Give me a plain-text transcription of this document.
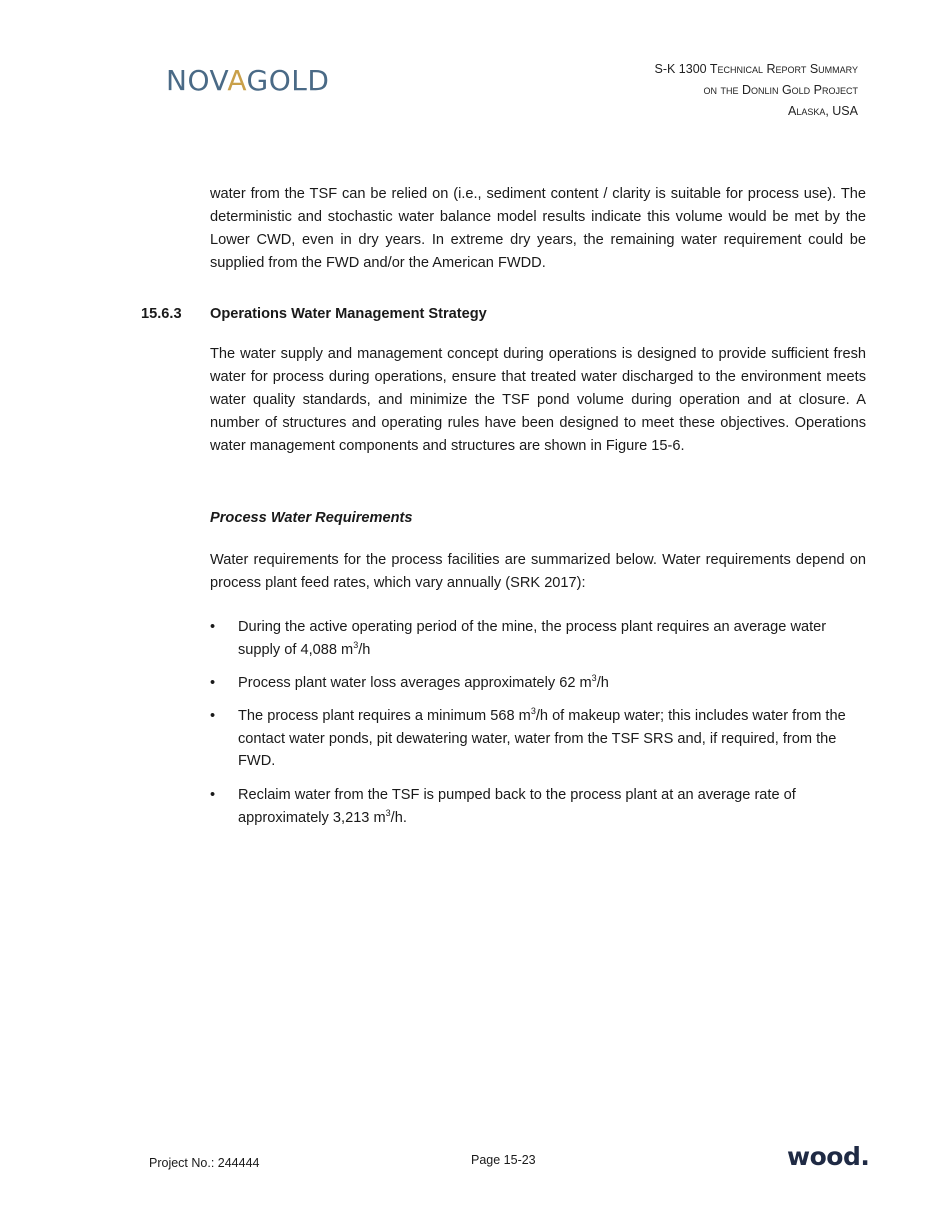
NOVAGOLD	S-K 1300 Technical Report Summary
on the Donlin Gold Project
Alaska, USA
water from the TSF can be relied on (i.e., sediment content / clarity is suitable for process use). The deterministic and stochastic water balance model results indicate this volume would be met by the Lower CWD, even in dry years. In extreme dry years, the remaining water requirement could be supplied from the FWD and/or the American FWDD.
15.6.3 Operations Water Management Strategy
The water supply and management concept during operations is designed to provide sufficient fresh water for process during operations, ensure that treated water discharged to the environment meets water quality standards, and minimize the TSF pond volume during operation and at closure. A number of structures and operating rules have been designed to meet these objectives. Operations water management components and structures are shown in Figure 15-6.
Process Water Requirements
Water requirements for the process facilities are summarized below. Water requirements depend on process plant feed rates, which vary annually (SRK 2017):
•	During the active operating period of the mine, the process plant requires an average water supply of 4,088 $m^3/h$
•	Process plant water loss averages approximately 62 $m^3/h$
•	The process plant requires a minimum 568 $m^3/h$ of makeup water; this includes water from the contact water ponds, pit dewatering water, water from the TSF SRS and, if required, from the FWD.
•	Reclaim water from the TSF is pumped back to the process plant at an average rate of approximately 3,213 $m^3/h$.
Project No.: 244444	Page 15-23	wood.
